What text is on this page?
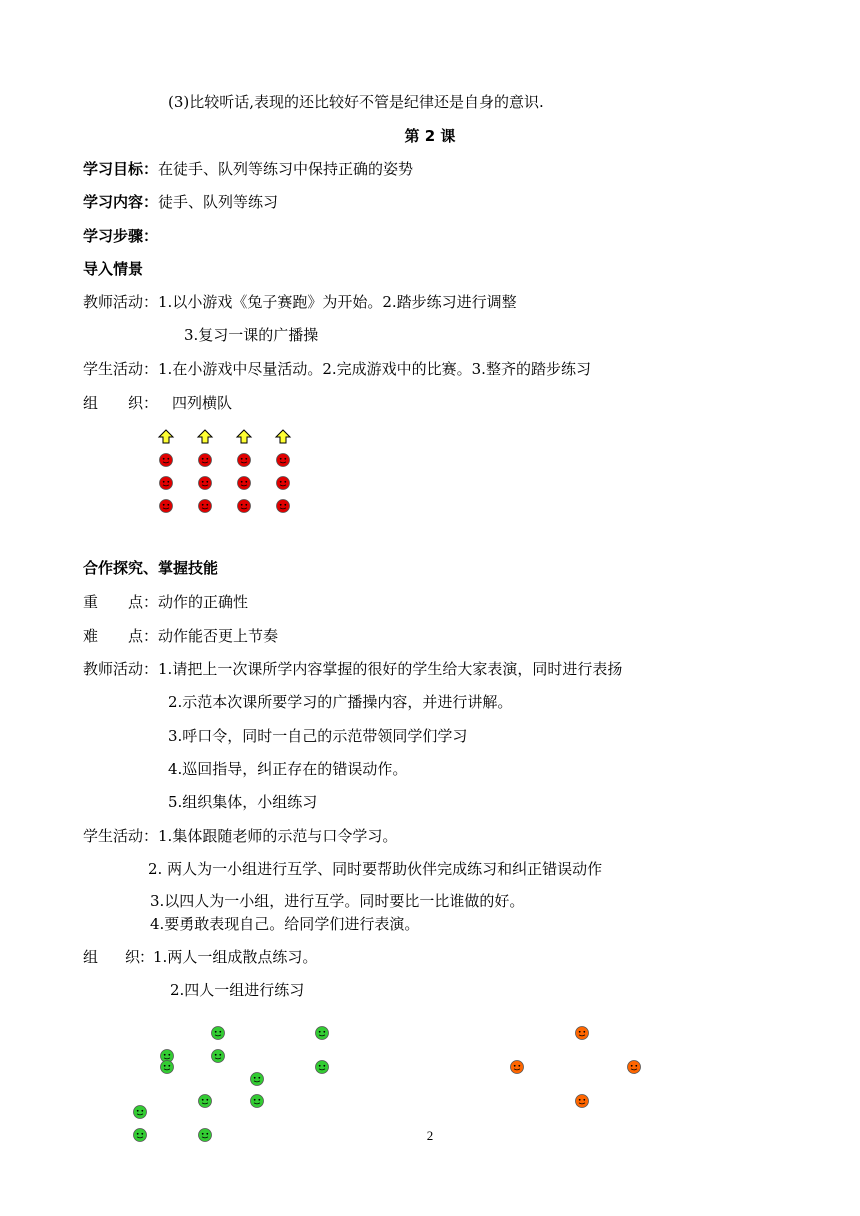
(3)比较听话,表现的还比较好不管是纪律还是自身的意识.
第 2 课
学习目标：在徒手、队列等练习中保持正确的姿势
学习内容：徒手、队列等练习
学习步骤：
导入情景
教师活动：1.以小游戏《兔子赛跑》为开始。2.踏步练习进行调整
3.复习一课的广播操
学生活动：1.在小游戏中尽量活动。2.完成游戏中的比赛。3.整齐的踏步练习
组　　织： 四列横队
合作探究、掌握技能
重　　点：动作的正确性
难　　点：动作能否更上节奏
教师活动：1.请把上一次课所学内容掌握的很好的学生给大家表演，同时进行表扬
2.示范本次课所要学习的广播操内容，并进行讲解。
3.呼口令，同时一自己的示范带领同学们学习
4.巡回指导，纠正存在的错误动作。
5.组织集体，小组练习
学生活动：1.集体跟随老师的示范与口令学习。
2. 两人为一小组进行互学、同时要帮助伙伴完成练习和纠正错误动作
3.以四人为一小组，进行互学。同时要比一比谁做的好。
4.要勇敢表现自己。给同学们进行表演。
组　　织：1.两人一组成散点练习。
2.四人一组进行练习
2
